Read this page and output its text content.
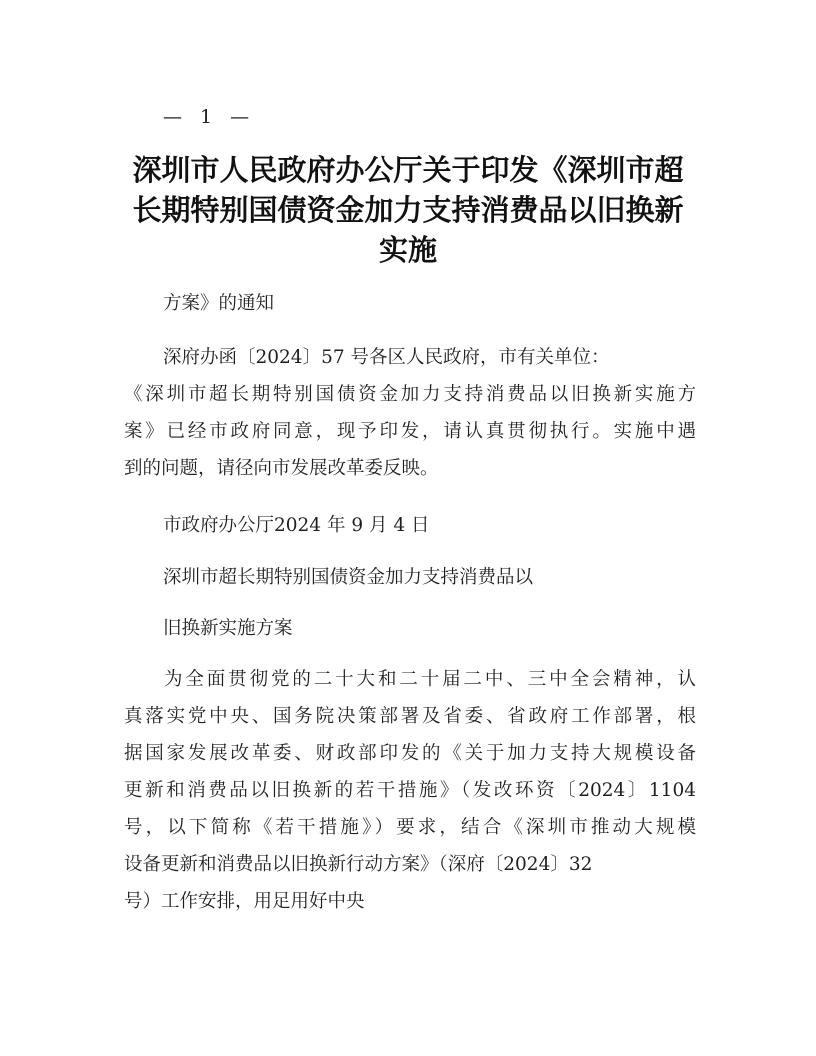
— 1 —
深圳市人民政府办公厅关于印发《深圳市超
长期特别国债资金加力支持消费品以旧换新
实施

方案》的通知

深府办函〔2024〕57 号各区人民政府，市有关单位：

《深圳市超长期特别国债资金加力支持消费品以旧换新实施方
案》已经市政府同意，现予印发，请认真贯彻执行。实施中遇
到的问题，请径向市发展改革委反映。

市政府办公厅2024 年 9 月 4 日

深圳市超长期特别国债资金加力支持消费品以

旧换新实施方案

为全面贯彻党的二十大和二十届二中、三中全会精神，认
真落实党中央、国务院决策部署及省委、省政府工作部署，根
据国家发展改革委、财政部印发的《关于加力支持大规模设备
更新和消费品以旧换新的若干措施》（发改环资〔2024〕1104
号，以下简称《若干措施》）要求，结合《深圳市推动大规模
设备更新和消费品以旧换新行动方案》（深府〔2024〕32
号）工作安排，用足用好中央
